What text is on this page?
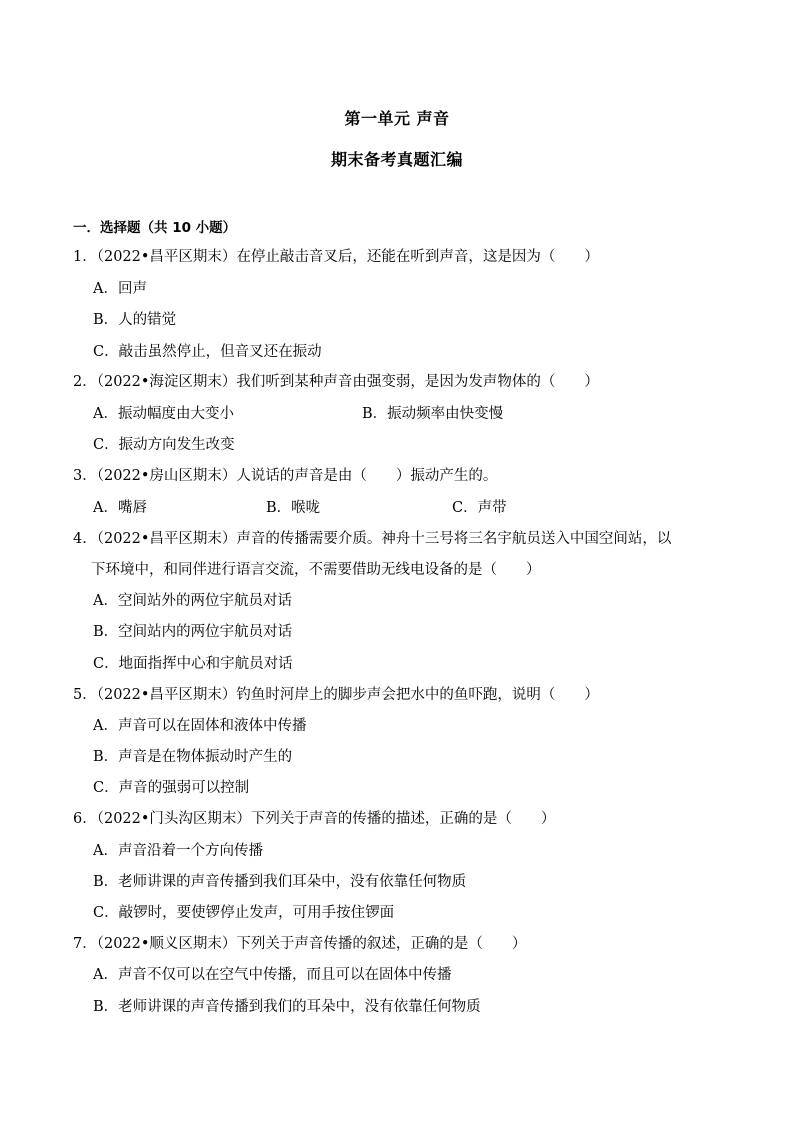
第一单元 声音
期末备考真题汇编
一．选择题（共 10 小题）
1．（2022•昌平区期末）在停止敲击音叉后，还能在听到声音，这是因为（　　）
A．回声
B．人的错觉
C．敲击虽然停止，但音叉还在振动
2．（2022•海淀区期末）我们听到某种声音由强变弱，是因为发声物体的（　　）
A．振动幅度由大变小	B．振动频率由快变慢
C．振动方向发生改变
3．（2022•房山区期末）人说话的声音是由（　　）振动产生的。
A．嘴唇	B．喉咙	C．声带
4．（2022•昌平区期末）声音的传播需要介质。神舟十三号将三名宇航员送入中国空间站，以
下环境中，和同伴进行语言交流，不需要借助无线电设备的是（　　）
A．空间站外的两位宇航员对话
B．空间站内的两位宇航员对话
C．地面指挥中心和宇航员对话
5．（2022•昌平区期末）钓鱼时河岸上的脚步声会把水中的鱼吓跑，说明（　　）
A．声音可以在固体和液体中传播
B．声音是在物体振动时产生的
C．声音的强弱可以控制
6．（2022•门头沟区期末）下列关于声音的传播的描述，正确的是（　　）
A．声音沿着一个方向传播
B．老师讲课的声音传播到我们耳朵中，没有依靠任何物质
C．敲锣时，要使锣停止发声，可用手按住锣面
7．（2022•顺义区期末）下列关于声音传播的叙述，正确的是（　　）
A．声音不仅可以在空气中传播，而且可以在固体中传播
B．老师讲课的声音传播到我们的耳朵中，没有依靠任何物质
